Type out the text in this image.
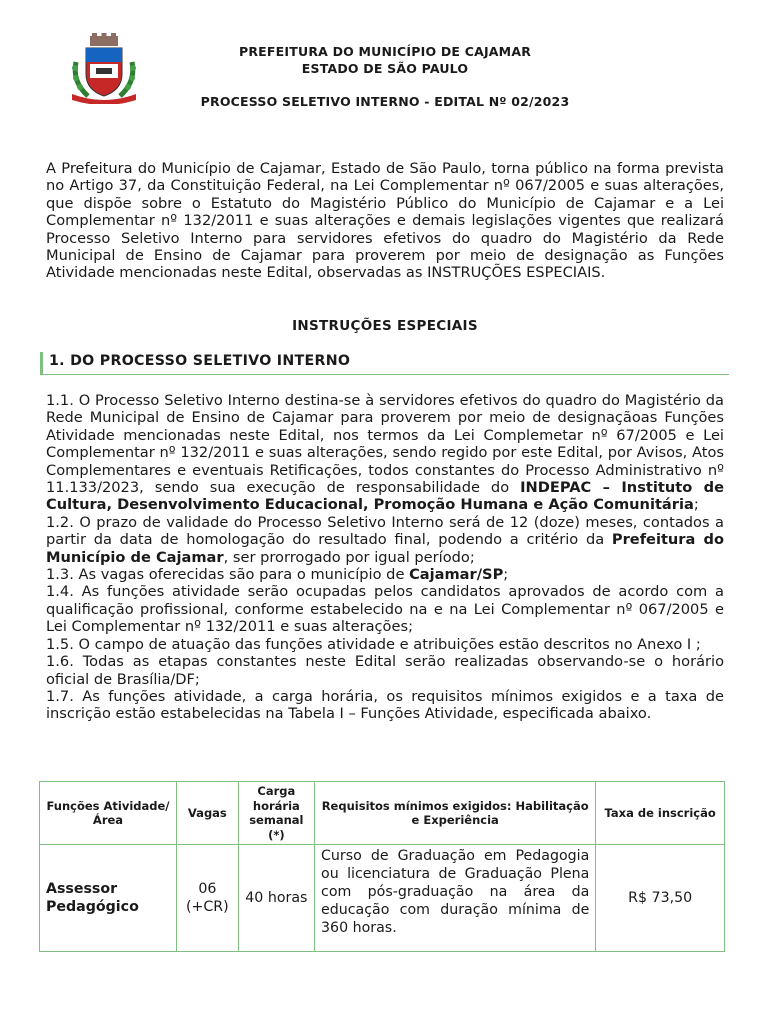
PREFEITURA DO MUNICÍPIO DE CAJAMAR
ESTADO DE SÃO PAULO
PROCESSO SELETIVO INTERNO - EDITAL Nº 02/2023
A Prefeitura do Município de Cajamar, Estado de São Paulo, torna público na forma prevista no Artigo 37, da Constituição Federal, na Lei Complementar nº 067/2005 e suas alterações, que dispõe sobre o Estatuto do Magistério Público do Município de Cajamar e a Lei Complementar nº 132/2011 e suas alterações e demais legislações vigentes que realizará Processo Seletivo Interno para servidores efetivos do quadro do Magistério da Rede Municipal de Ensino de Cajamar para proverem por meio de designação as Funções Atividade mencionadas neste Edital, observadas as INSTRUÇÕES ESPECIAIS.
INSTRUÇÕES ESPECIAIS
1. DO PROCESSO SELETIVO INTERNO

1.1. O Processo Seletivo Interno destina-se à servidores efetivos do quadro do Magistério da Rede Municipal de Ensino de Cajamar para proverem por meio de designaçãoas Funções Atividade mencionadas neste Edital, nos termos da Lei Complemetar nº 67/2005 e Lei Complementar nº 132/2011 e suas alterações, sendo regido por este Edital, por Avisos, Atos Complementares e eventuais Retificações, todos constantes do Processo Administrativo nº 11.133/2023, sendo sua execução de responsabilidade do INDEPAC – Instituto de Cultura, Desenvolvimento Educacional, Promoção Humana e Ação Comunitária;

1.2. O prazo de validade do Processo Seletivo Interno será de 12 (doze) meses, contados a partir da data de homologação do resultado final, podendo a critério da Prefeitura do Município de Cajamar, ser prorrogado por igual período;

1.3. As vagas oferecidas são para o município de Cajamar/SP;

1.4. As funções atividade serão ocupadas pelos candidatos aprovados de acordo com a qualificação profissional, conforme estabelecido na e na Lei Complementar nº 067/2005 e Lei Complementar nº 132/2011 e suas alterações;

1.5. O campo de atuação das funções atividade e atribuições estão descritos no Anexo I ;

1.6. Todas as etapas constantes neste Edital serão realizadas observando-se o horário oficial de Brasília/DF;

1.7. As funções atividade, a carga horária, os requisitos mínimos exigidos e a taxa de inscrição estão estabelecidas na Tabela I – Funções Atividade, especificada abaixo.

Funções Atividade/ Área	Vagas	Carga horária semanal (*)	Requisitos mínimos exigidos: Habilitação e Experiência	Taxa de inscrição
Assessor Pedagógico	06 (+CR)	40 horas	Curso de Graduação em Pedagogia ou licenciatura de Graduação Plena com pós-graduação na área da educação com duração mínima de 360 horas.	R$ 73,50
